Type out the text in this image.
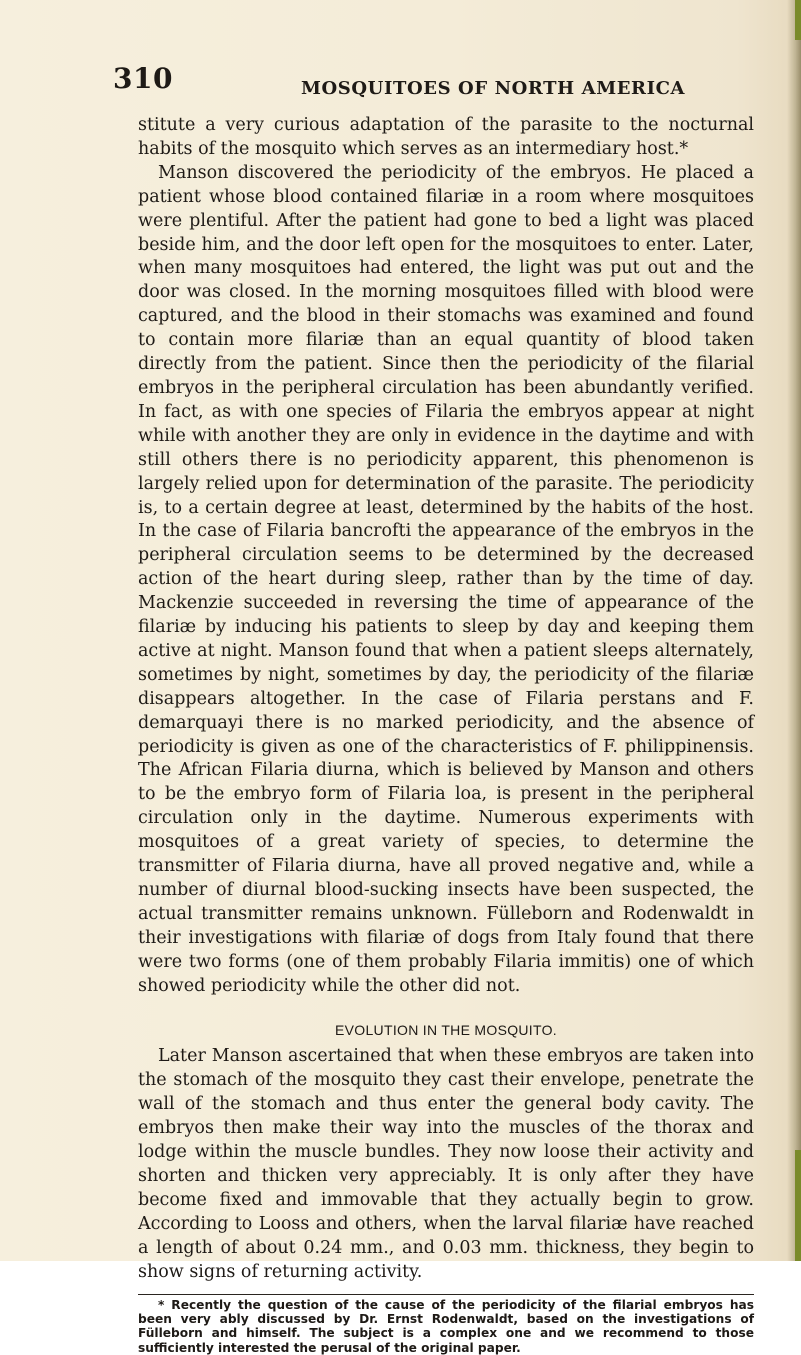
310	MOSQUITOES OF NORTH AMERICA

stitute a very curious adaptation of the parasite to the nocturnal habits of the mosquito which serves as an intermediary host.*

Manson discovered the periodicity of the embryos. He placed a patient whose blood contained filariæ in a room where mosquitoes were plentiful. After the patient had gone to bed a light was placed beside him, and the door left open for the mosquitoes to enter. Later, when many mosquitoes had entered, the light was put out and the door was closed. In the morning mosquitoes filled with blood were captured, and the blood in their stomachs was examined and found to contain more filariæ than an equal quantity of blood taken directly from the patient. Since then the periodicity of the filarial embryos in the peripheral circulation has been abundantly verified. In fact, as with one species of Filaria the embryos appear at night while with another they are only in evidence in the daytime and with still others there is no periodicity apparent, this phenomenon is largely relied upon for determination of the parasite. The periodicity is, to a certain degree at least, determined by the habits of the host. In the case of Filaria bancrofti the appearance of the embryos in the peripheral circulation seems to be determined by the decreased action of the heart during sleep, rather than by the time of day. Mackenzie succeeded in reversing the time of appearance of the filariæ by inducing his patients to sleep by day and keeping them active at night. Manson found that when a patient sleeps alternately, sometimes by night, sometimes by day, the periodicity of the filariæ disappears altogether. In the case of Filaria perstans and F. demarquayi there is no marked periodicity, and the absence of periodicity is given as one of the characteristics of F. philippinensis. The African Filaria diurna, which is believed by Manson and others to be the embryo form of Filaria loa, is present in the peripheral circulation only in the daytime. Numerous experiments with mosquitoes of a great variety of species, to determine the transmitter of Filaria diurna, have all proved negative and, while a number of diurnal blood-sucking insects have been suspected, the actual transmitter remains unknown. Fülleborn and Rodenwaldt in their investigations with filariæ of dogs from Italy found that there were two forms (one of them probably Filaria immitis) one of which showed periodicity while the other did not.

EVOLUTION IN THE MOSQUITO.

Later Manson ascertained that when these embryos are taken into the stomach of the mosquito they cast their envelope, penetrate the wall of the stomach and thus enter the general body cavity. The embryos then make their way into the muscles of the thorax and lodge within the muscle bundles. They now loose their activity and shorten and thicken very appreciably. It is only after they have become fixed and immovable that they actually begin to grow. According to Looss and others, when the larval filariæ have reached a length of about 0.24 mm., and 0.03 mm. thickness, they begin to show signs of returning activity.

* Recently the question of the cause of the periodicity of the filarial embryos has been very ably discussed by Dr. Ernst Rodenwaldt, based on the investigations of Fülleborn and himself. The subject is a complex one and we recommend to those sufficiently interested the perusal of the original paper.
